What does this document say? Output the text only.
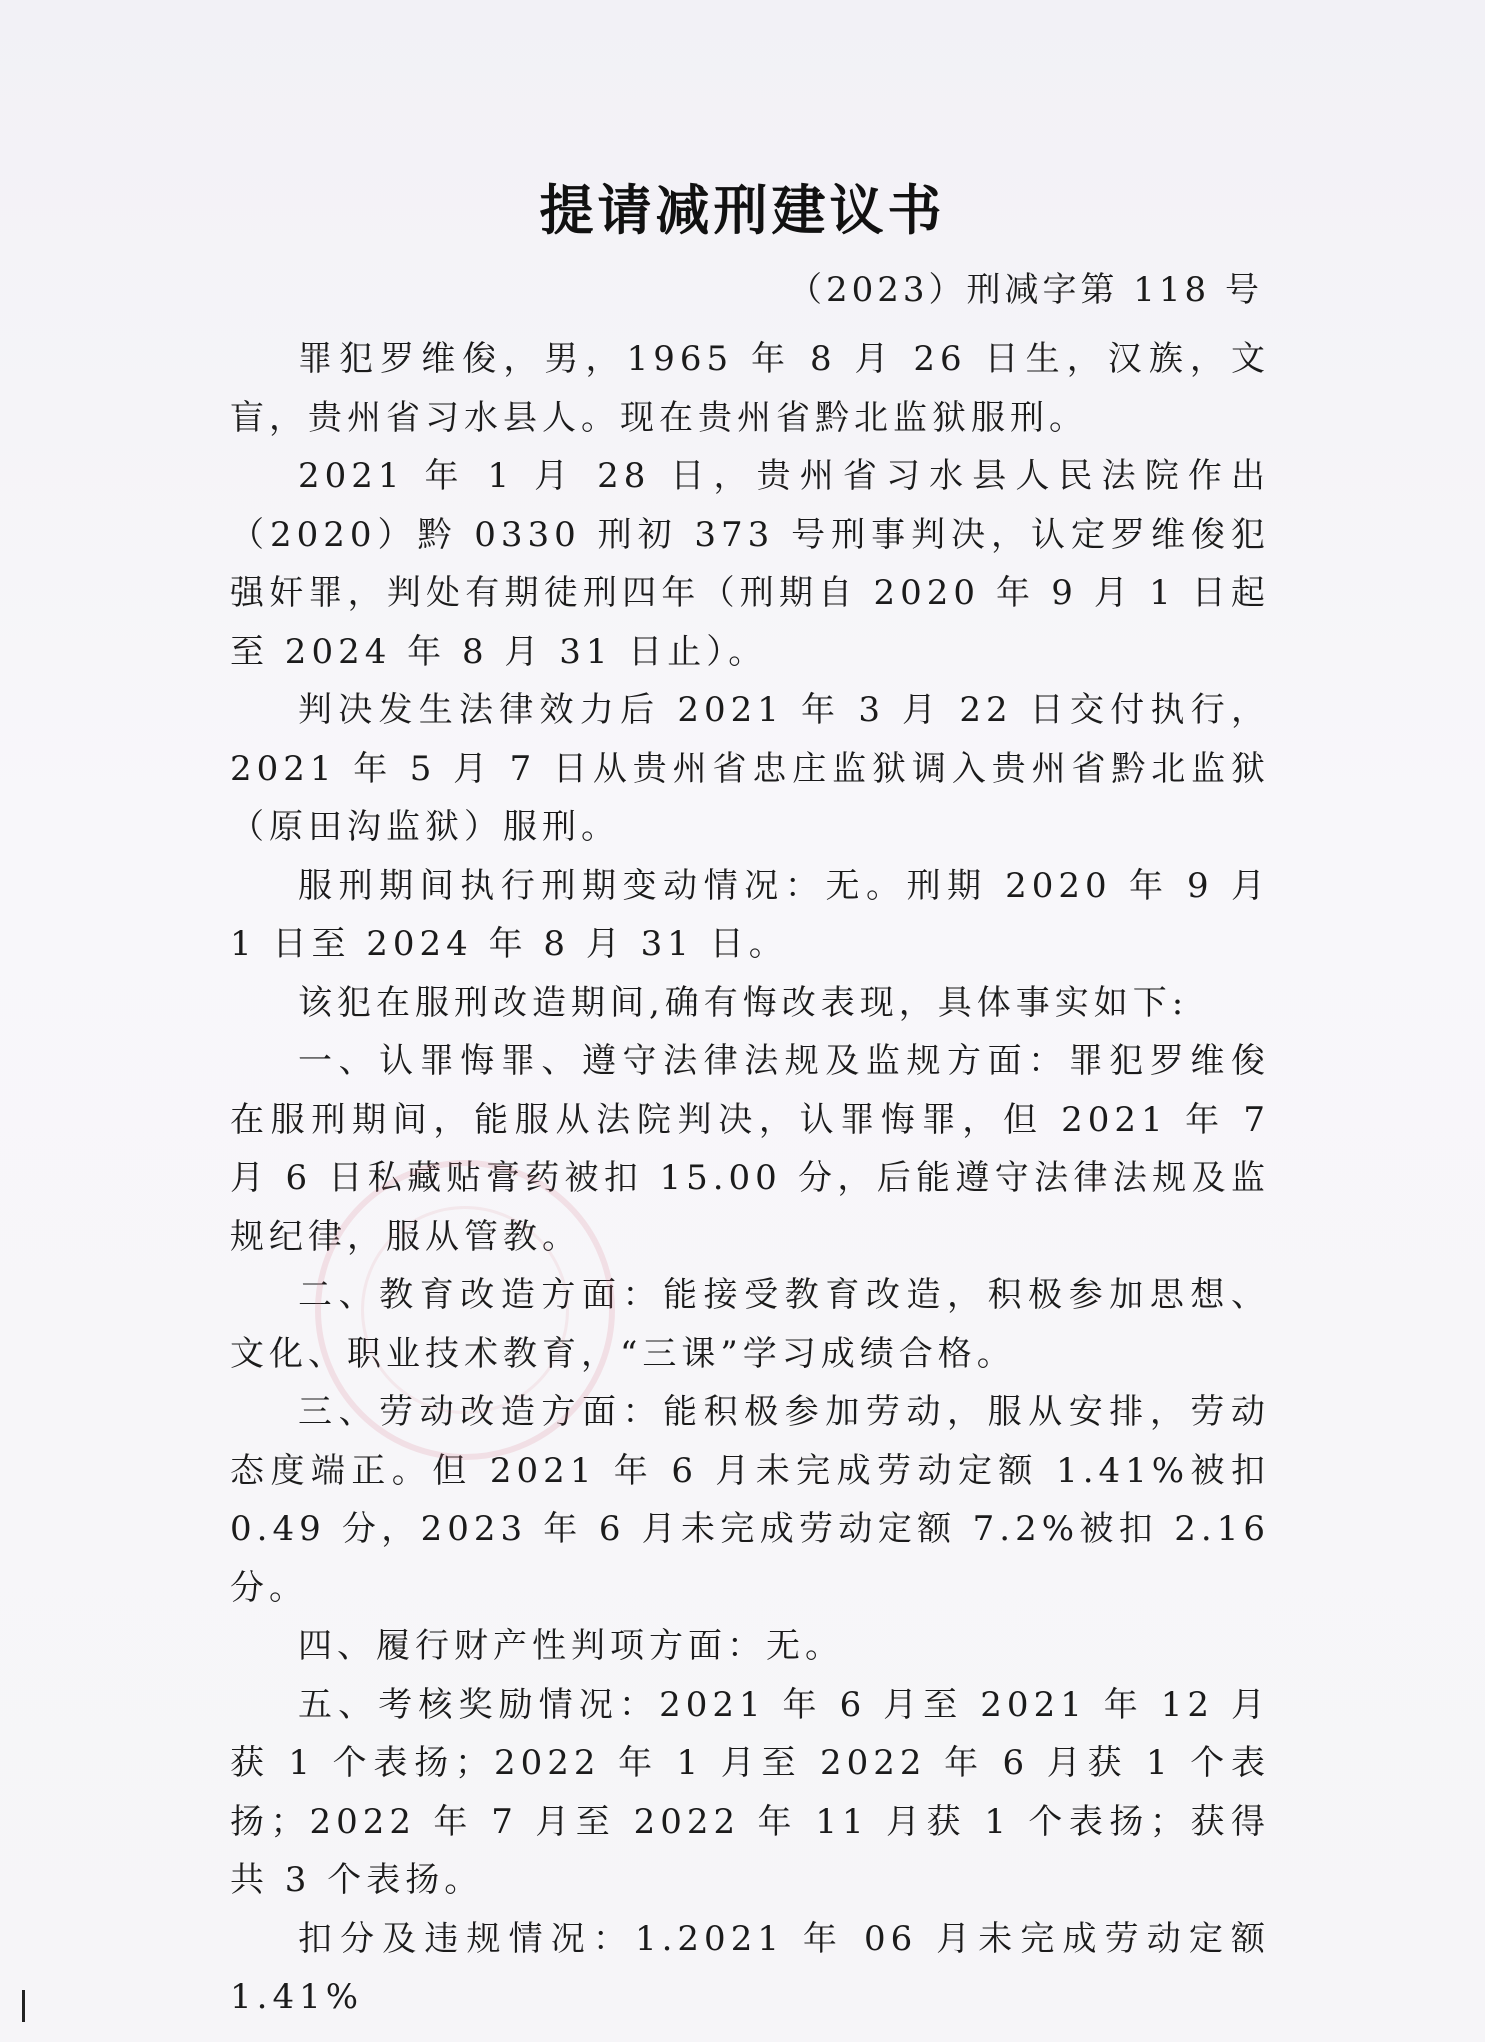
提请减刑建议书
（2023）刑减字第 118 号

罪犯罗维俊，男，1965 年 8 月 26 日生，汉族，文盲，贵州省习水县人。现在贵州省黔北监狱服刑。

2021 年 1 月 28 日，贵州省习水县人民法院作出（2020）黔 0330 刑初 373 号刑事判决，认定罗维俊犯强奸罪，判处有期徒刑四年（刑期自 2020 年 9 月 1 日起至 2024 年 8 月 31 日止）。

判决发生法律效力后 2021 年 3 月 22 日交付执行，2021 年 5 月 7 日从贵州省忠庄监狱调入贵州省黔北监狱（原田沟监狱）服刑。

服刑期间执行刑期变动情况：无。刑期 2020 年 9 月 1 日至 2024 年 8 月 31 日。

该犯在服刑改造期间,确有悔改表现，具体事实如下:

一、认罪悔罪、遵守法律法规及监规方面：罪犯罗维俊在服刑期间，能服从法院判决，认罪悔罪，但 2021 年 7 月 6 日私藏贴膏药被扣 15.00 分，后能遵守法律法规及监规纪律，服从管教。

二、教育改造方面：能接受教育改造，积极参加思想、文化、职业技术教育，“三课”学习成绩合格。

三、劳动改造方面：能积极参加劳动，服从安排，劳动态度端正。但 2021 年 6 月未完成劳动定额 1.41%被扣 0.49 分，2023 年 6 月未完成劳动定额 7.2%被扣 2.16 分。

四、履行财产性判项方面：无。

五、考核奖励情况：2021 年 6 月至 2021 年 12 月获 1 个表扬；2022 年 1 月至 2022 年 6 月获 1 个表扬；2022 年 7 月至 2022 年 11 月获 1 个表扬；获得共 3 个表扬。

扣分及违规情况：1.2021 年 06 月未完成劳动定额 1.41%
